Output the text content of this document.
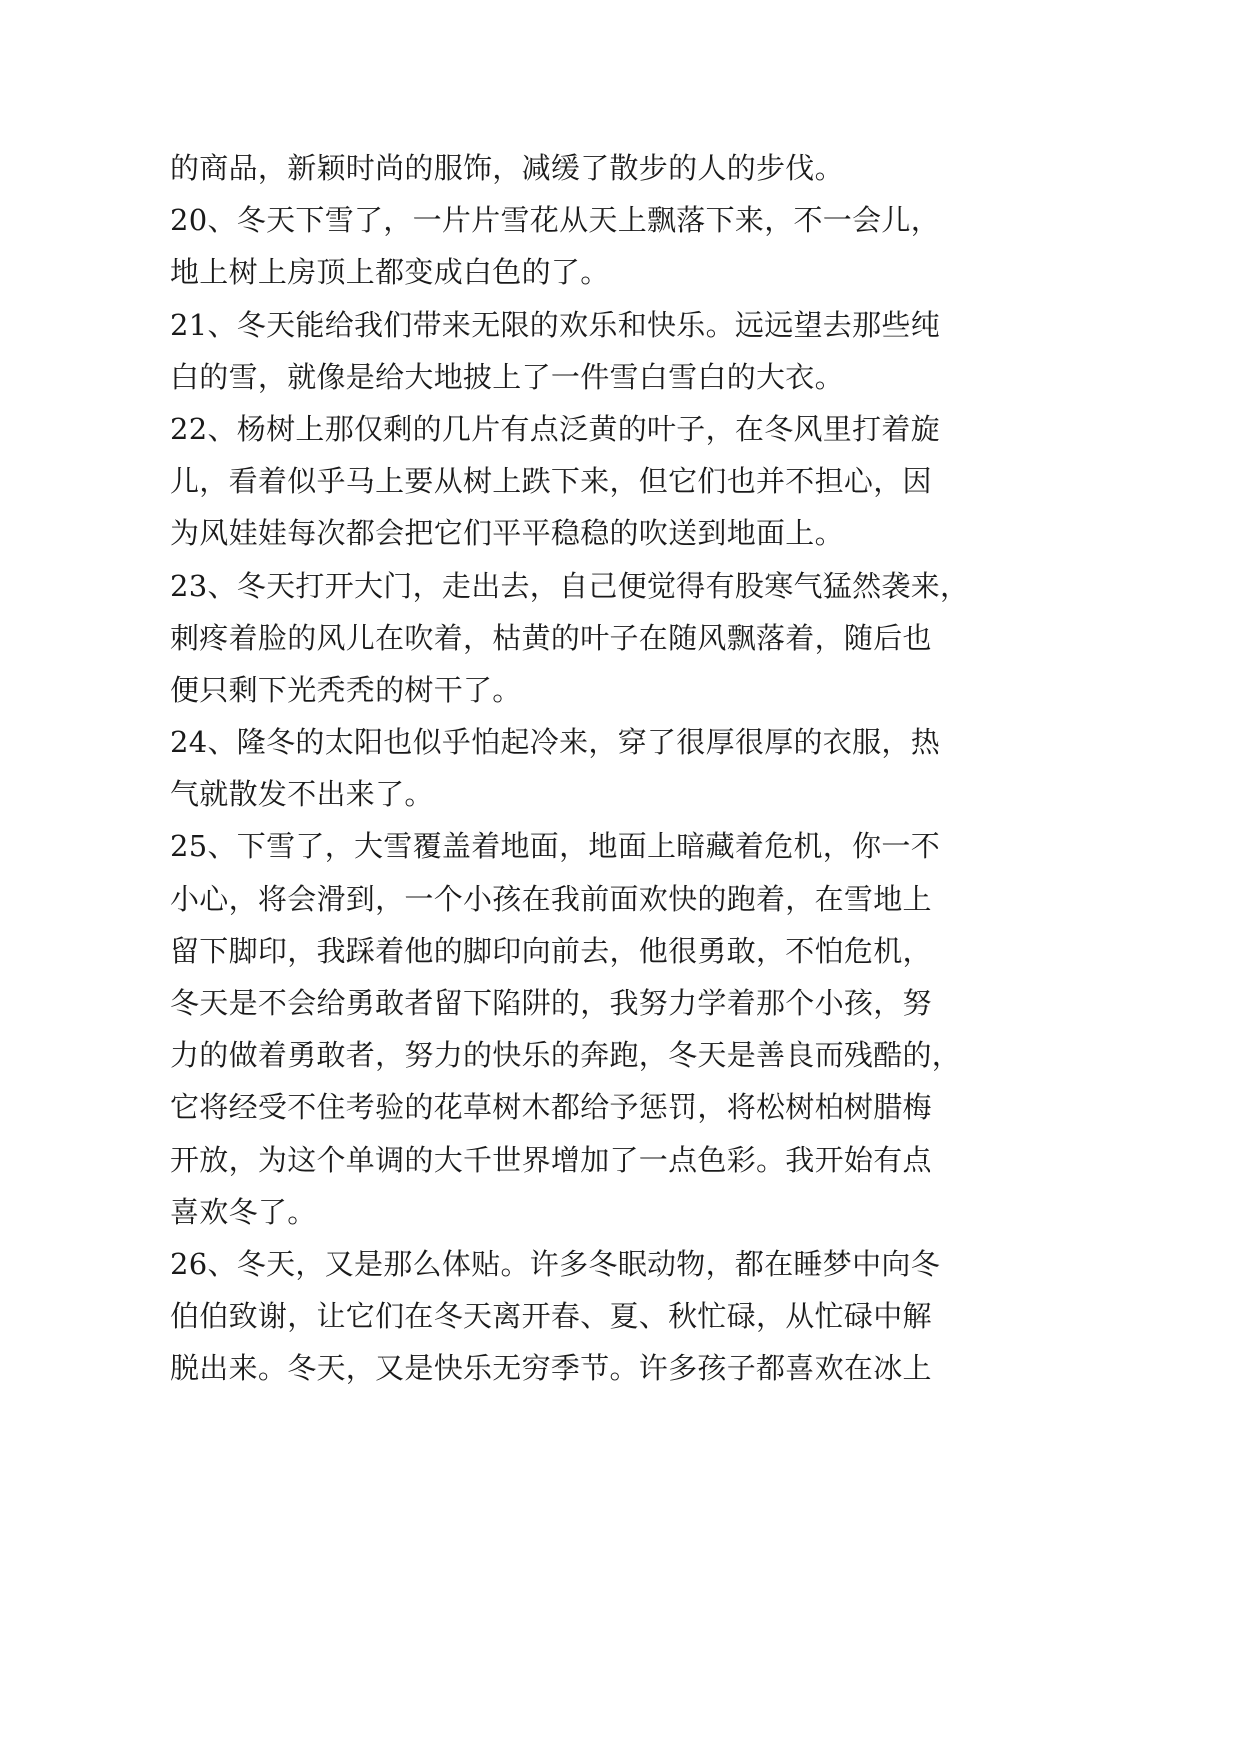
的商品，新颖时尚的服饰，减缓了散步的人的步伐。
20、冬天下雪了，一片片雪花从天上飘落下来，不一会儿，
地上树上房顶上都变成白色的了。
21、冬天能给我们带来无限的欢乐和快乐。远远望去那些纯
白的雪，就像是给大地披上了一件雪白雪白的大衣。
22、杨树上那仅剩的几片有点泛黄的叶子，在冬风里打着旋
儿，看着似乎马上要从树上跌下来，但它们也并不担心，因
为风娃娃每次都会把它们平平稳稳的吹送到地面上。
23、冬天打开大门，走出去，自己便觉得有股寒气猛然袭来，
刺疼着脸的风儿在吹着，枯黄的叶子在随风飘落着，随后也
便只剩下光秃秃的树干了。
24、隆冬的太阳也似乎怕起冷来，穿了很厚很厚的衣服，热
气就散发不出来了。
25、下雪了，大雪覆盖着地面，地面上暗藏着危机，你一不
小心，将会滑到，一个小孩在我前面欢快的跑着，在雪地上
留下脚印，我踩着他的脚印向前去，他很勇敢，不怕危机，
冬天是不会给勇敢者留下陷阱的，我努力学着那个小孩，努
力的做着勇敢者，努力的快乐的奔跑，冬天是善良而残酷的，
它将经受不住考验的花草树木都给予惩罚，将松树柏树腊梅
开放，为这个单调的大千世界增加了一点色彩。我开始有点
喜欢冬了。
26、冬天，又是那么体贴。许多冬眠动物，都在睡梦中向冬
伯伯致谢，让它们在冬天离开春、夏、秋忙碌，从忙碌中解
脱出来。冬天，又是快乐无穷季节。许多孩子都喜欢在冰上
